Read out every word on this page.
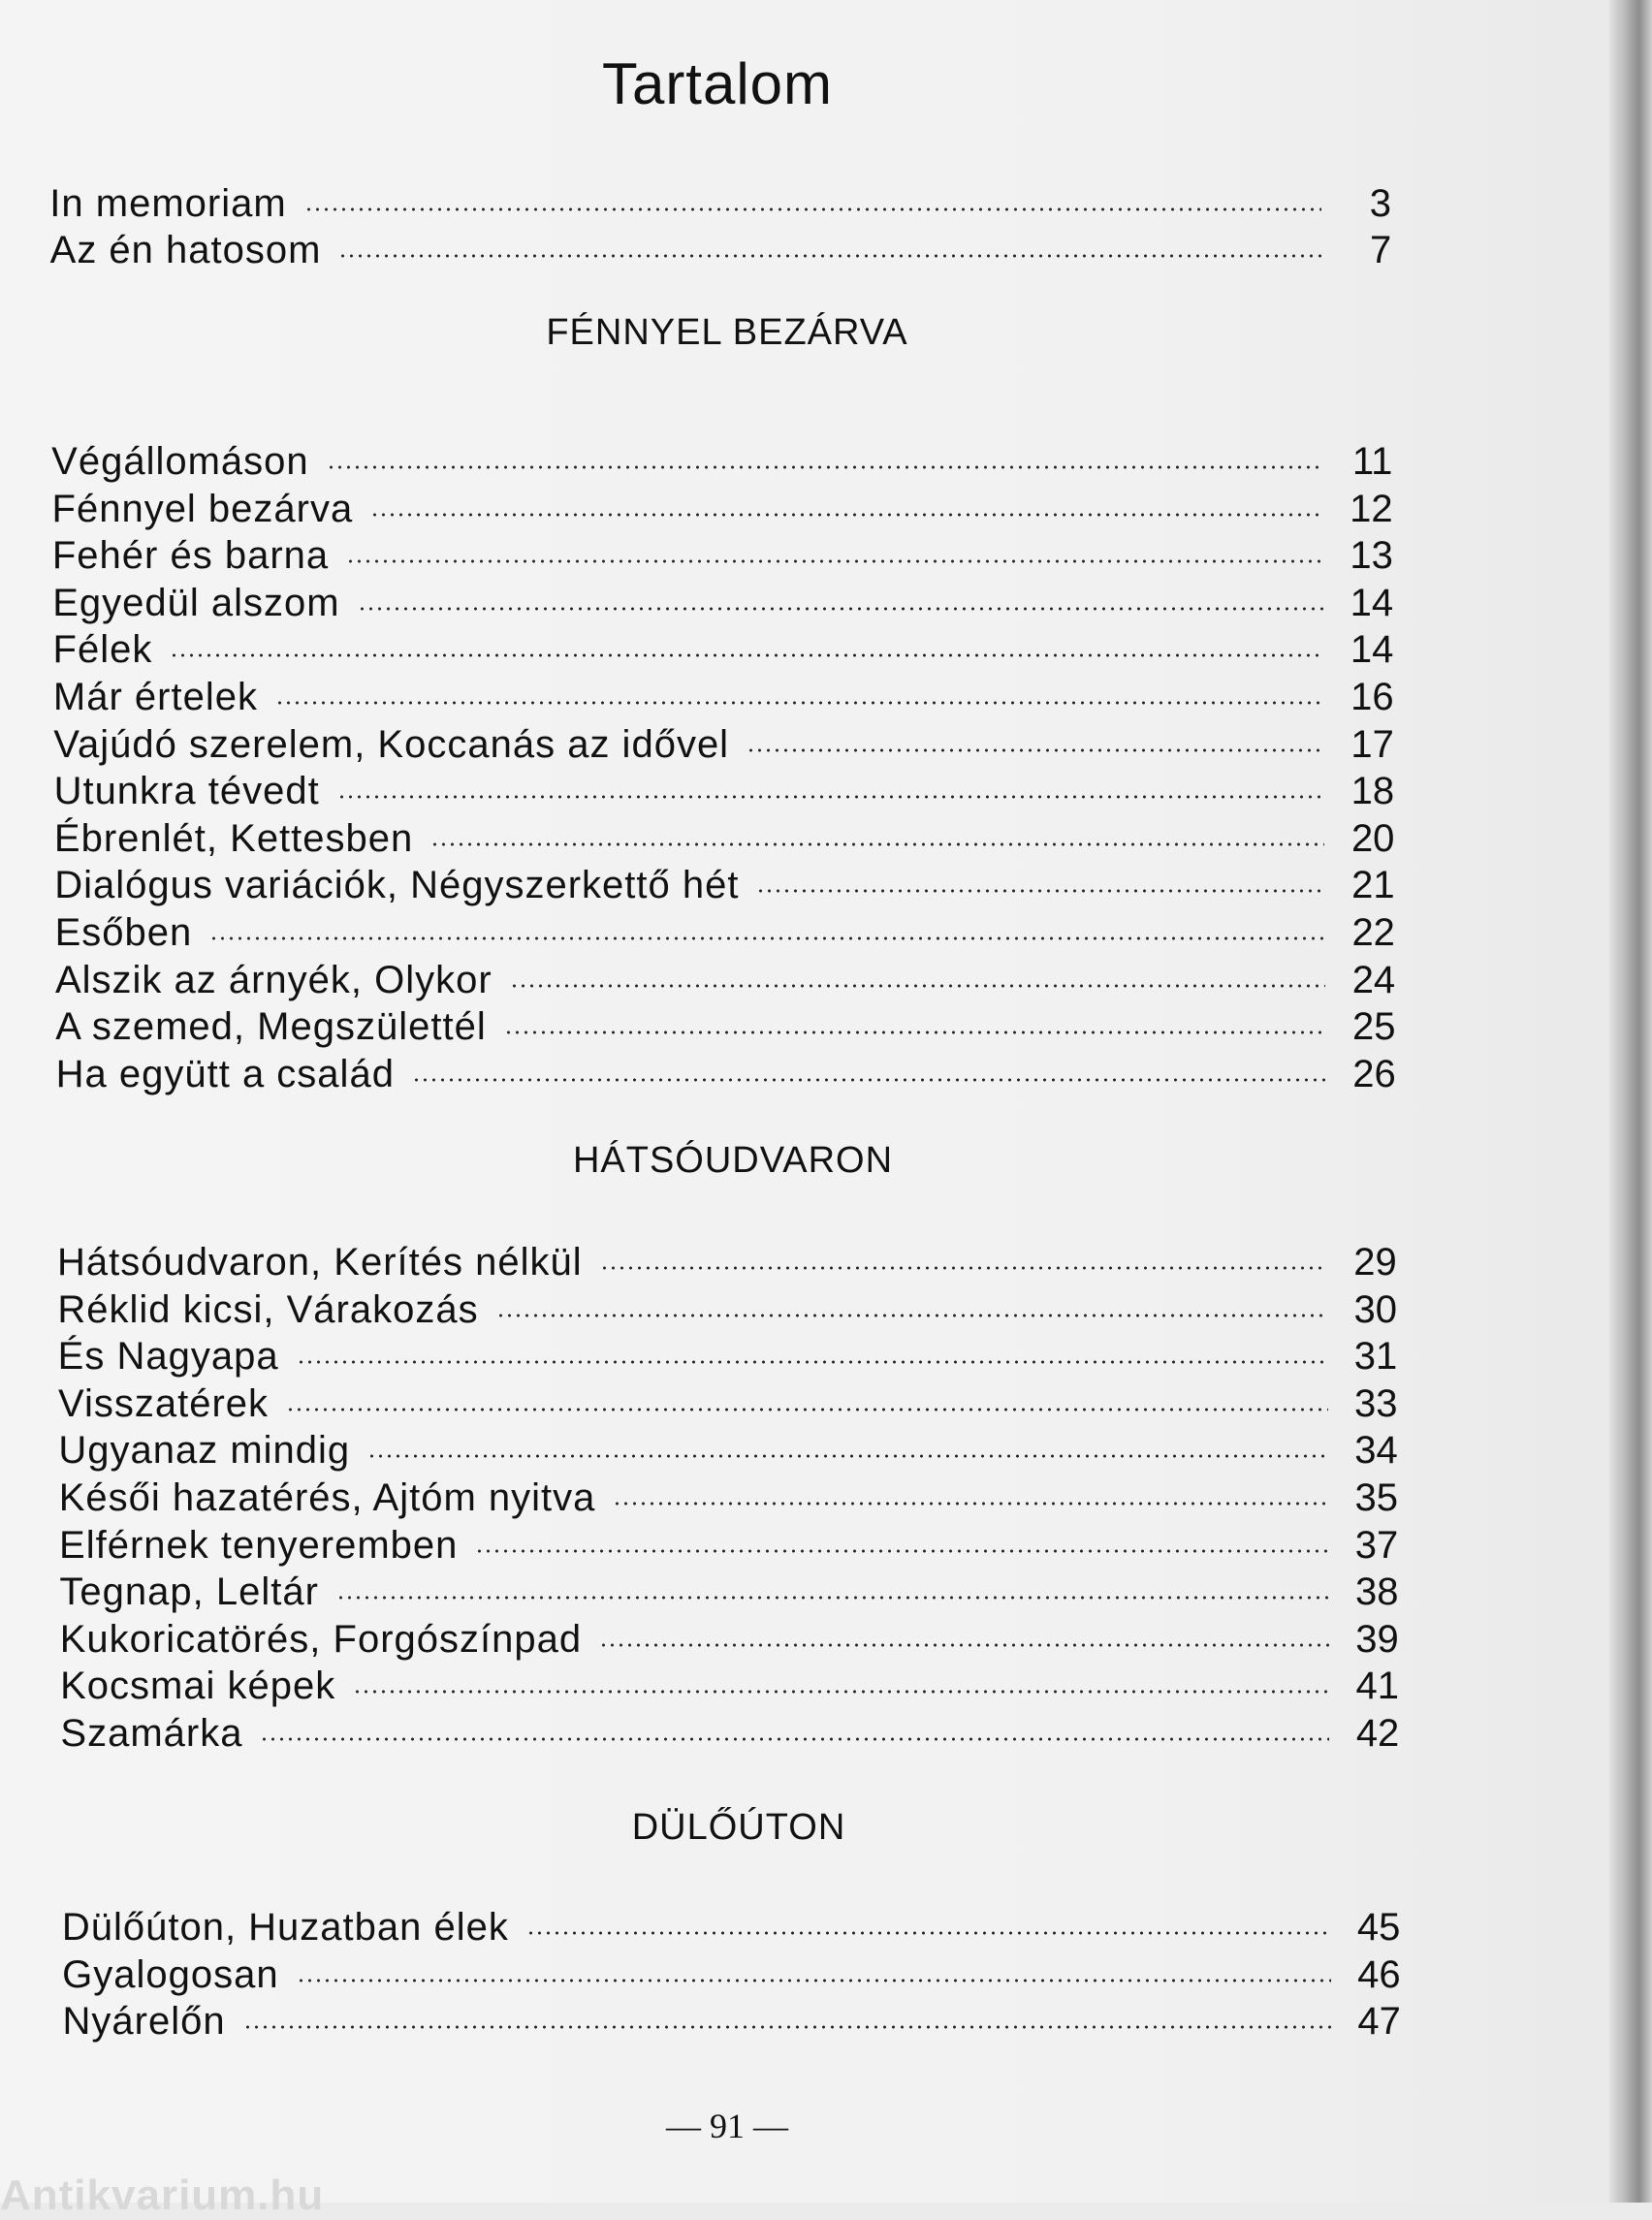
Tartalom
In memoriam	3
Az én hatosom	7
FÉNNYEL BEZÁRVA
Végállomáson	11
Fénnyel bezárva	12
Fehér és barna	13
Egyedül alszom	14
Félek	14
Már értelek	16
Vajúdó szerelem, Koccanás az idővel	17
Utunkra tévedt	18
Ébrenlét, Kettesben	20
Dialógus variációk, Négyszerkettő hét	21
Esőben	22
Alszik az árnyék, Olykor	24
A szemed, Megszülettél	25
Ha együtt a család	26
HÁTSÓUDVARON
Hátsóudvaron, Kerítés nélkül	29
Réklid kicsi, Várakozás	30
És Nagyapa	31
Visszatérek	33
Ugyanaz mindig	34
Késői hazatérés, Ajtóm nyitva	35
Elférnek tenyeremben	37
Tegnap, Leltár	38
Kukoricatörés, Forgószínpad	39
Kocsmai képek	41
Szamárka	42
DÜLŐÚTON
Dülőúton, Huzatban élek	45
Gyalogosan	46
Nyárelőn	47
— 91 —
Antikvarium.hu
